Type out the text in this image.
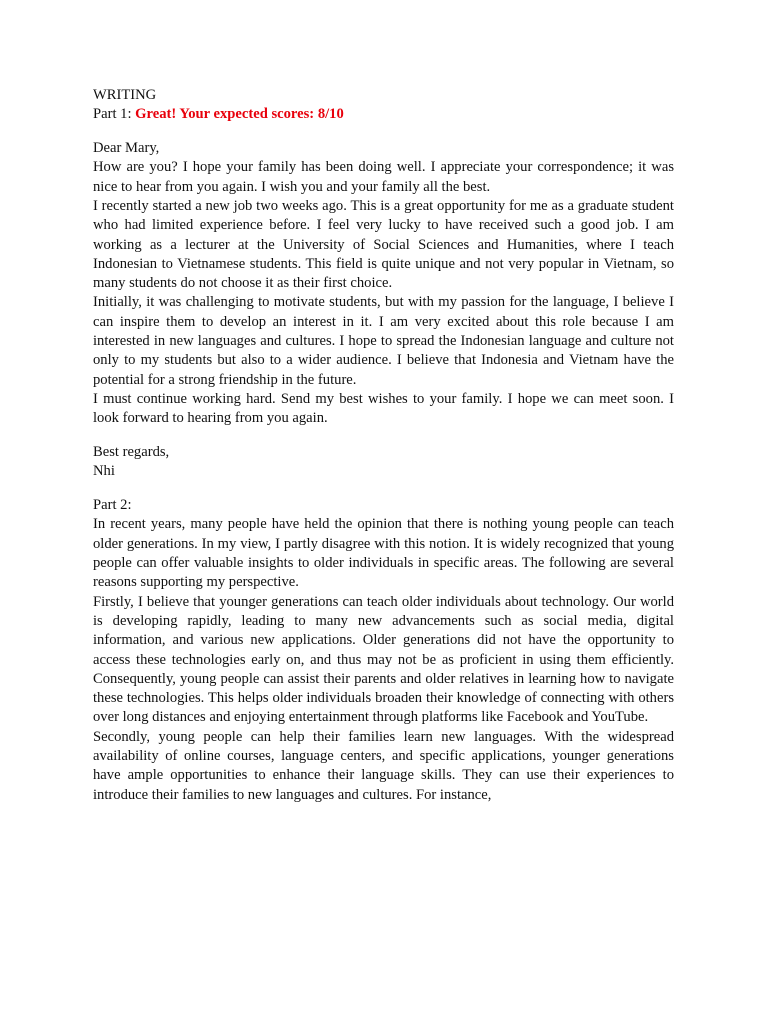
WRITING
Part 1: Great! Your expected scores: 8/10
Dear Mary,

How are you? I hope your family has been doing well. I appreciate your correspondence; it was nice to hear from you again. I wish you and your family all the best.

I recently started a new job two weeks ago. This is a great opportunity for me as a graduate student who had limited experience before. I feel very lucky to have received such a good job. I am working as a lecturer at the University of Social Sciences and Humanities, where I teach Indonesian to Vietnamese students. This field is quite unique and not very popular in Vietnam, so many students do not choose it as their first choice.

Initially, it was challenging to motivate students, but with my passion for the language, I believe I can inspire them to develop an interest in it. I am very excited about this role because I am interested in new languages and cultures. I hope to spread the Indonesian language and culture not only to my students but also to a wider audience. I believe that Indonesia and Vietnam have the potential for a strong friendship in the future.

I must continue working hard. Send my best wishes to your family. I hope we can meet soon. I look forward to hearing from you again.

Best regards,
Nhi
Part 2:

In recent years, many people have held the opinion that there is nothing young people can teach older generations. In my view, I partly disagree with this notion. It is widely recognized that young people can offer valuable insights to older individuals in specific areas. The following are several reasons supporting my perspective.

Firstly, I believe that younger generations can teach older individuals about technology. Our world is developing rapidly, leading to many new advancements such as social media, digital information, and various new applications. Older generations did not have the opportunity to access these technologies early on, and thus may not be as proficient in using them efficiently. Consequently, young people can assist their parents and older relatives in learning how to navigate these technologies. This helps older individuals broaden their knowledge of connecting with others over long distances and enjoying entertainment through platforms like Facebook and YouTube.

Secondly, young people can help their families learn new languages. With the widespread availability of online courses, language centers, and specific applications, younger generations have ample opportunities to enhance their language skills. They can use their experiences to introduce their families to new languages and cultures. For instance,
